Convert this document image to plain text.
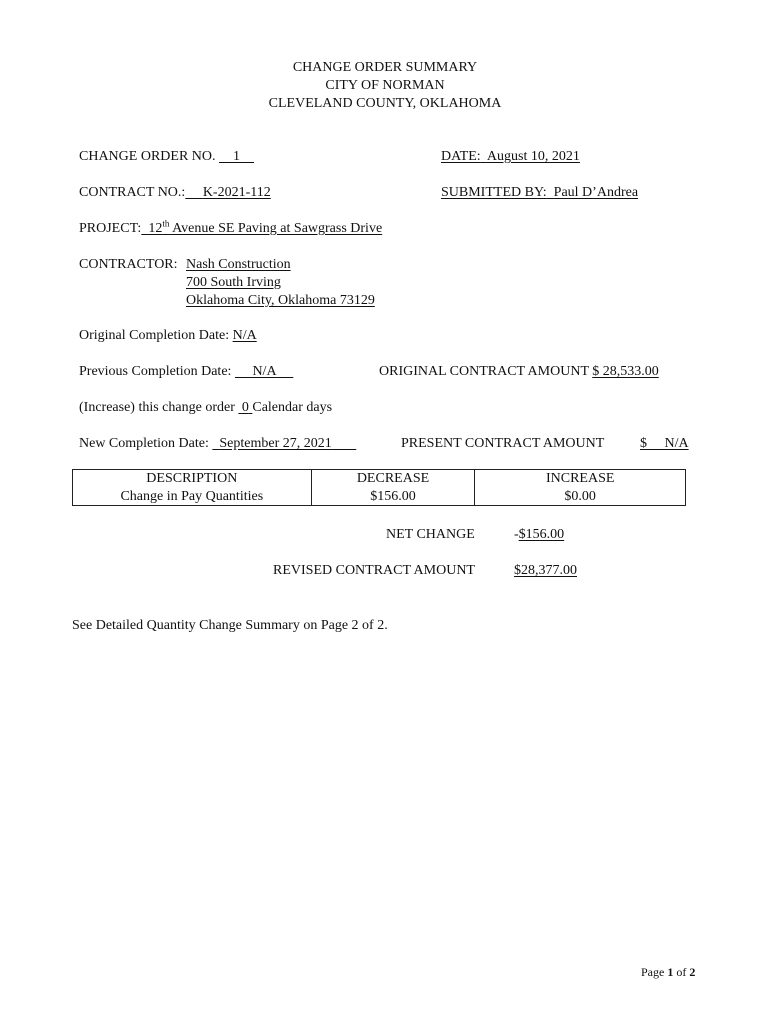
CHANGE ORDER SUMMARY
CITY OF NORMAN
CLEVELAND COUNTY, OKLAHOMA
CHANGE ORDER NO. 1	DATE: August 10, 2021
CONTRACT NO.: K-2021-112	SUBMITTED BY: Paul D’Andrea
PROJECT: 12th Avenue SE Paving at Sawgrass Drive
CONTRACTOR: Nash Construction
700 South Irving
Oklahoma City, Oklahoma 73129
Original Completion Date: N/A
Previous Completion Date: N/A	ORIGINAL CONTRACT AMOUNT $ 28,533.00
(Increase) this change order 0 Calendar days
New Completion Date: September 27, 2021	PRESENT CONTRACT AMOUNT	$ N/A
DESCRIPTION	DECREASE	INCREASE
Change in Pay Quantities	$156.00	$0.00
NET CHANGE	-$156.00
REVISED CONTRACT AMOUNT	$28,377.00
See Detailed Quantity Change Summary on Page 2 of 2.
Page 1 of 2
